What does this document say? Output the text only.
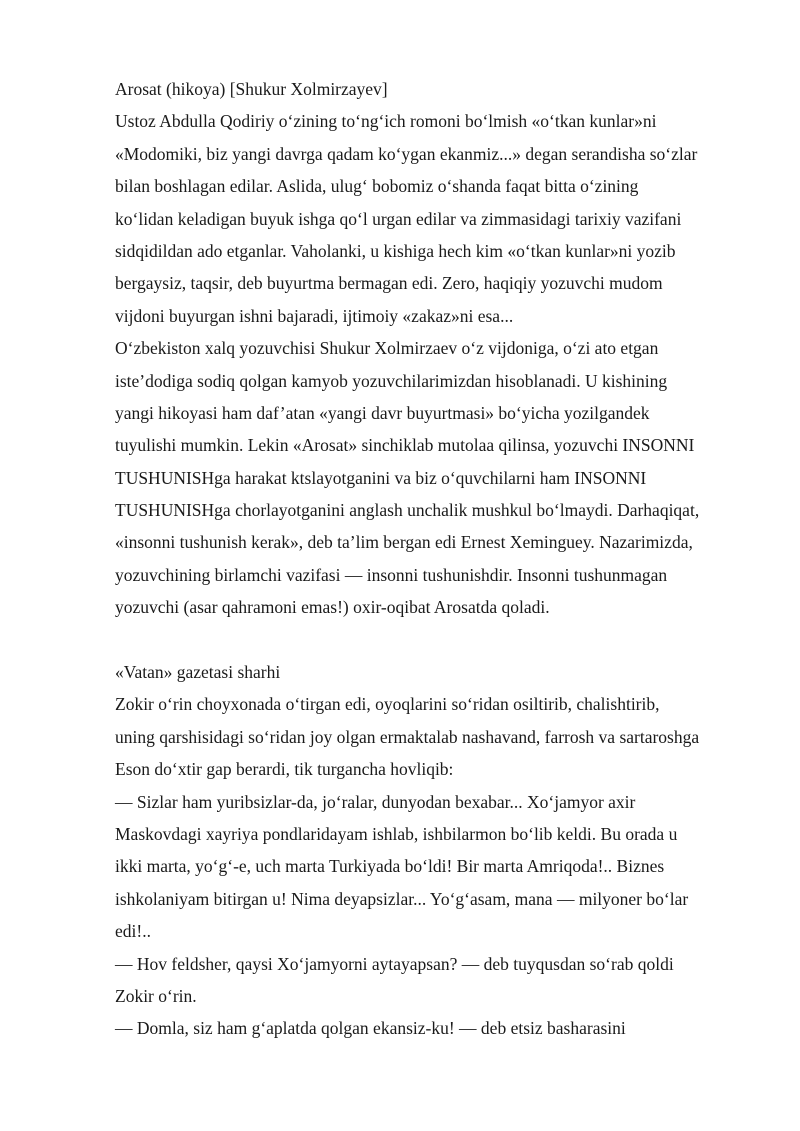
Arosat (hikoya) [Shukur Xolmirzayev]
Ustoz Abdulla Qodiriy o‘zining to‘ng‘ich romoni bo‘lmish «o‘tkan kunlar»ni
«Modomiki, biz yangi davrga qadam ko‘ygan ekanmiz...» degan serandisha so‘zlar
bilan boshlagan edilar. Aslida, ulug‘ bobomiz o‘shanda faqat bitta o‘zining
ko‘lidan keladigan buyuk ishga qo‘l urgan edilar va zimmasidagi tarixiy vazifani
sidqidildan ado etganlar. Vaholanki, u kishiga hech kim «o‘tkan kunlar»ni yozib
bergaysiz, taqsir, deb buyurtma bermagan edi. Zero, haqiqiy yozuvchi mudom
vijdoni buyurgan ishni bajaradi, ijtimoiy «zakaz»ni esa...
O‘zbekiston xalq yozuvchisi Shukur Xolmirzaev o‘z vijdoniga, o‘zi ato etgan
iste’dodiga sodiq qolgan kamyob yozuvchilarimizdan hisoblanadi. U kishining
yangi hikoyasi ham daf’atan «yangi davr buyurtmasi» bo‘yicha yozilgandek
tuyulishi mumkin. Lekin «Arosat» sinchiklab mutolaa qilinsa, yozuvchi INSONNI
TUSHUNISHga harakat ktslayotganini va biz o‘quvchilarni ham INSONNI
TUSHUNISHga chorlayotganini anglash unchalik mushkul bo‘lmaydi. Darhaqiqat,
«insonni tushunish kerak», deb ta’lim bergan edi Ernest Xeminguey. Nazarimizda,
yozuvchining birlamchi vazifasi — insonni tushunishdir. Insonni tushunmagan
yozuvchi (asar qahramoni emas!) oxir-oqibat Arosatda qoladi.
«Vatan» gazetasi sharhi
Zokir o‘rin choyxonada o‘tirgan edi, oyoqlarini so‘ridan osiltirib, chalishtirib,
uning qarshisidagi so‘ridan joy olgan ermaktalab nashavand, farrosh va sartaroshga
Eson do‘xtir gap berardi, tik turgancha hovliqib:
— Sizlar ham yuribsizlar-da, jo‘ralar, dunyodan bexabar... Xo‘jamyor axir
Maskovdagi xayriya pondlaridayam ishlab, ishbilarmon bo‘lib keldi. Bu orada u
ikki marta, yo‘g‘-e, uch marta Turkiyada bo‘ldi! Bir marta Amriqoda!.. Biznes
ishkolaniyam bitirgan u! Nima deyapsizlar... Yo‘g‘asam, mana — milyoner bo‘lar
edi!..
— Hov feldsher, qaysi Xo‘jamyorni aytayapsan? — deb tuyqusdan so‘rab qoldi
Zokir o‘rin.
— Domla, siz ham g‘aplatda qolgan ekansiz-ku! — deb etsiz basharasini
